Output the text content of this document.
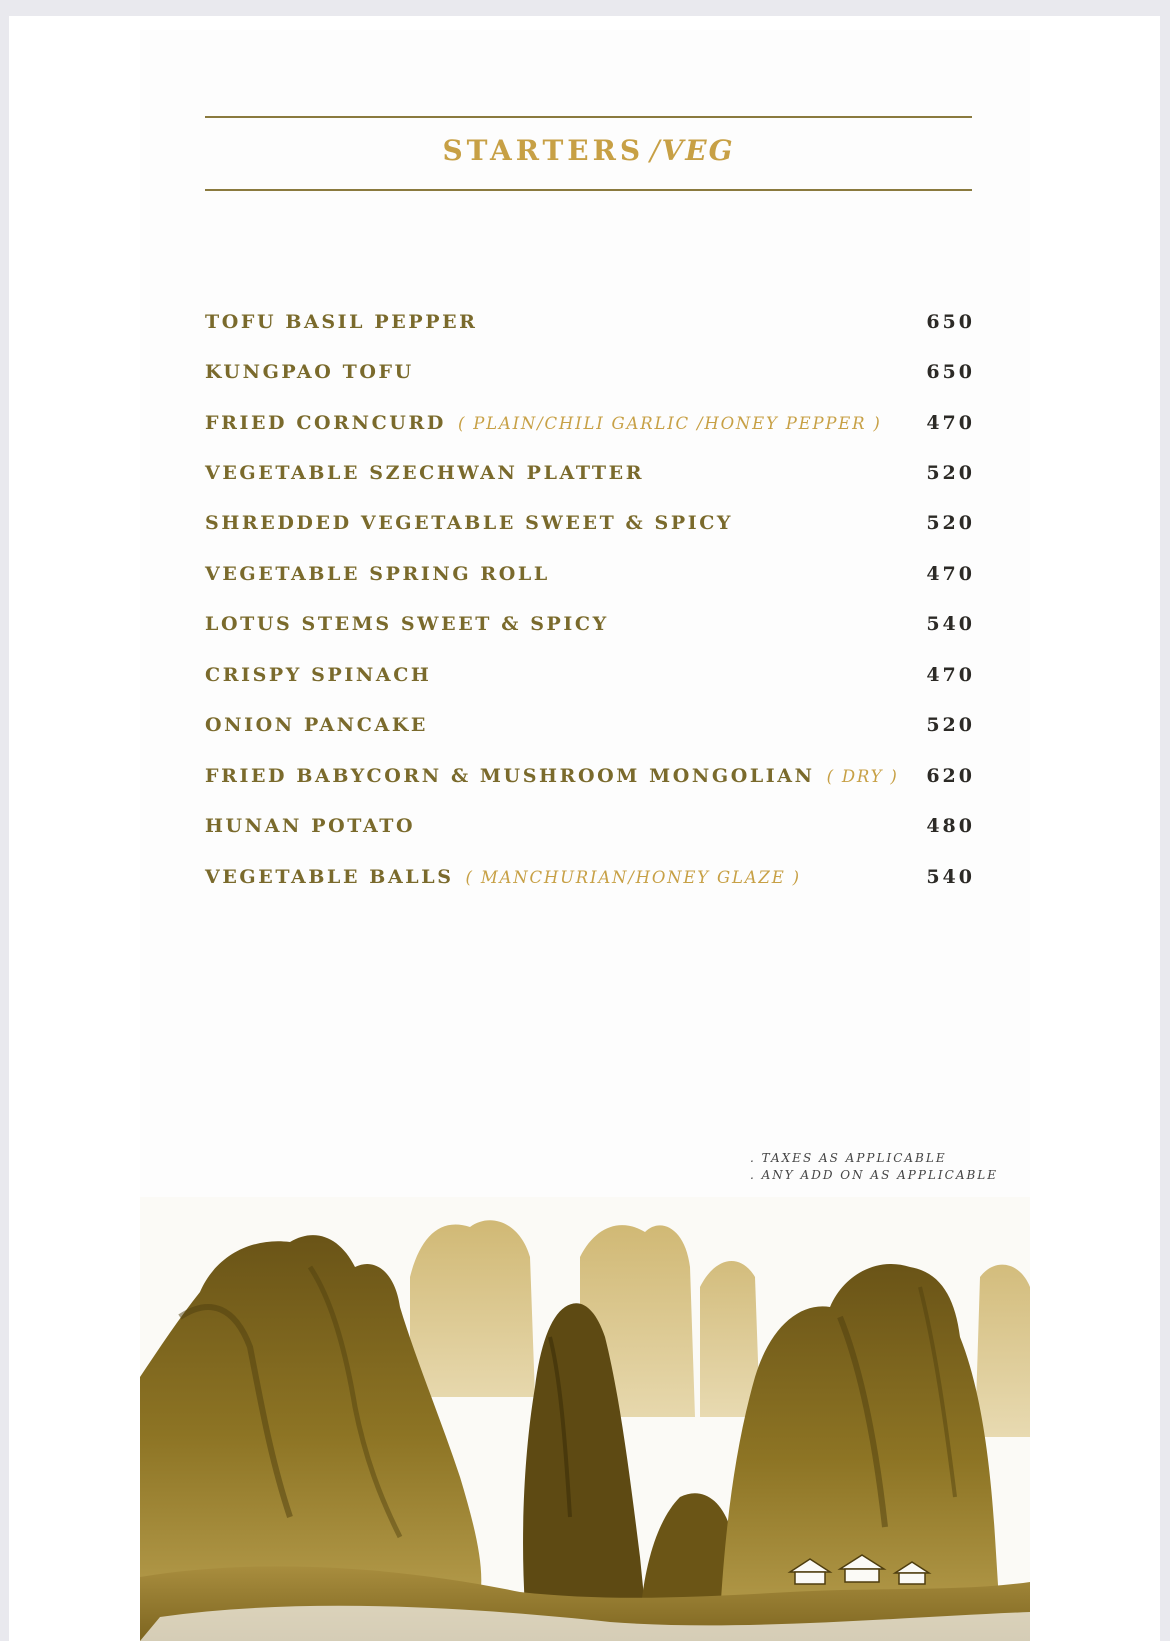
STARTERS /VEG
TOFU BASIL PEPPER	650
KUNGPAO TOFU	650
FRIED CORNCURD ( PLAIN/CHILI GARLIC /HONEY PEPPER ) 470
VEGETABLE SZECHWAN PLATTER	520
SHREDDED VEGETABLE SWEET & SPICY	520
VEGETABLE SPRING ROLL	470
LOTUS STEMS SWEET & SPICY	540
CRISPY SPINACH	470
ONION PANCAKE	520
FRIED BABYCORN & MUSHROOM MONGOLIAN ( DRY ) 620
HUNAN POTATO	480
VEGETABLE BALLS ( MANCHURIAN/HONEY GLAZE )	540
. TAXES AS APPLICABLE
. ANY ADD ON AS APPLICABLE
